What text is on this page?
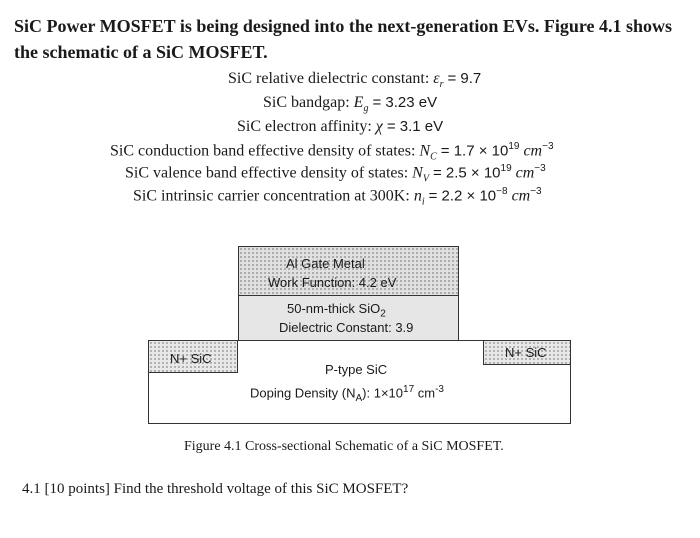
SiC Power MOSFET is being designed into the next-generation EVs. Figure 4.1 shows
the schematic of a SiC MOSFET.
SiC relative dielectric constant: $\varepsilon_r = 9.7$
SiC bandgap: $E_g = 3.23$ eV
SiC electron affinity: χ = 3.1 eV
SiC conduction band effective density of states: $N_C = 1.7 \times 10^{19}$ $cm^{-3}$
SiC valence band effective density of states: $N_V = 2.5 \times 10^{19}$ $cm^{-3}$
SiC intrinsic carrier concentration at 300K: $n_i = 2.2 \times 10^{-8}$ $cm^{-3}$
Al Gate Metal
Work Function: 4.2 eV
50-nm-thick SiO$_2$
Dielectric Constant: 3.9
N+ SiC	N+ SiC
P-type SiC
Doping Density $(N_A)$: $1\times 10^{17}$ $cm^{-3}$
Figure 4.1 Cross-sectional Schematic of a SiC MOSFET.
4.1 [10 points] Find the threshold voltage of this SiC MOSFET?
